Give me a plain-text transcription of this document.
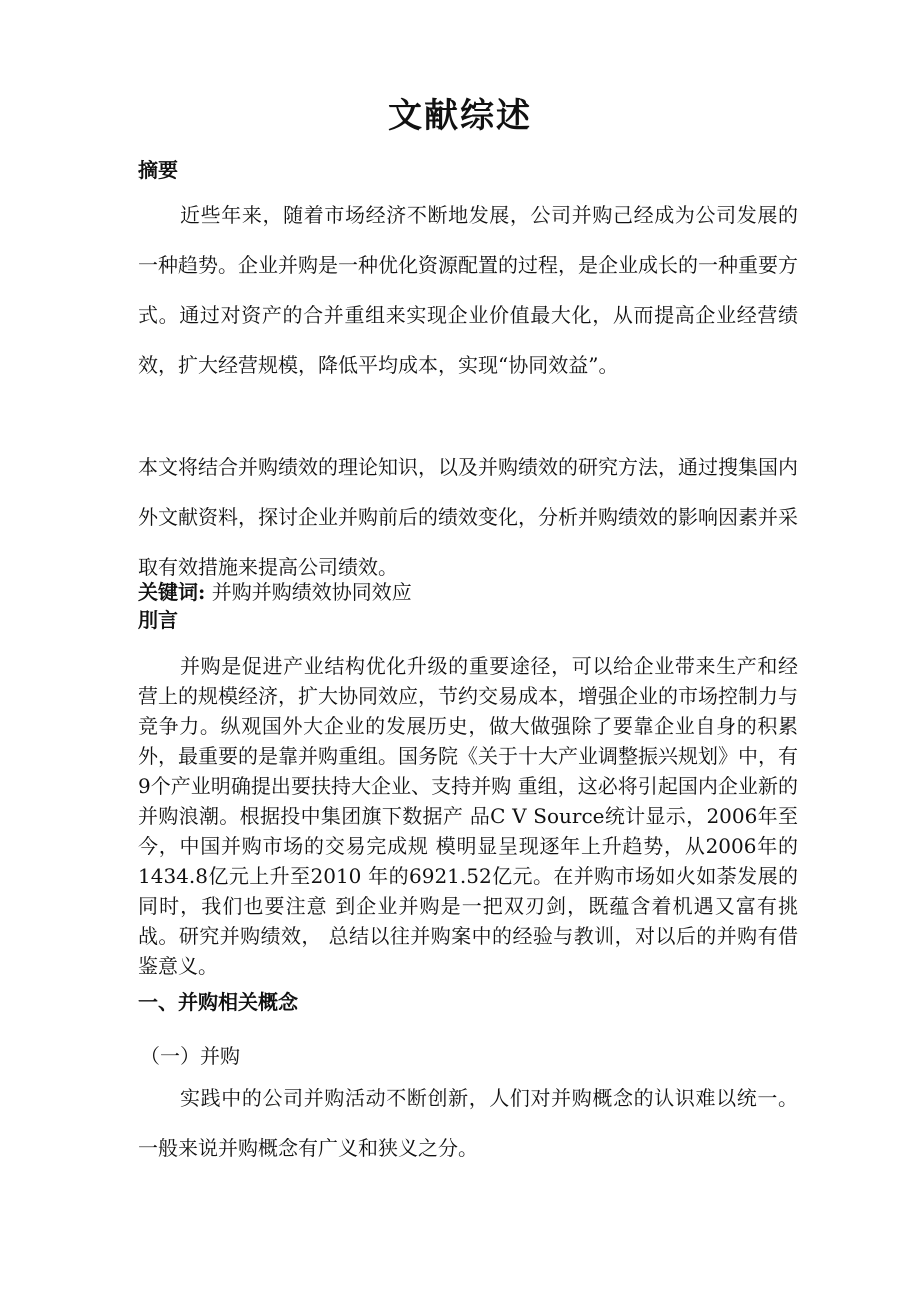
文献综述
摘要

近些年来，随着市场经济不断地发展，公司并购己经成为公司发展的一种趋势。企业并购是一种优化资源配置的过程，是企业成长的一种重要方式。通过对资产的合并重组来实现企业价值最大化，从而提高企业经营绩效，扩大经营规模，降低平均成本，实现“协同效益”。

本文将结合并购绩效的理论知识，以及并购绩效的研究方法，通过搜集国内外文献资料，探讨企业并购前后的绩效变化，分析并购绩效的影响因素并采取有效措施来提高公司绩效。

关键词: 并购并购绩效协同效应

刖言

并购是促进产业结构优化升级的重要途径，可以给企业带来生产和经营上的规模经济，扩大协同效应，节约交易成本，增强企业的市场控制力与竞争力。纵观国外大企业的发展历史，做大做强除了要靠企业自身的积累外，最重要的是靠并购重组。国务院《关于十大产业调整振兴规划》中，有9个产业明确提出要扶持大企业、支持并购 重组，这必将引起国内企业新的并购浪潮。根据投中集团旗下数据产 品C V Source统计显示，2006年至今，中国并购市场的交易完成规 模明显呈现逐年上升趋势，从2006年的1434.8亿元上升至2010 年的6921.52亿元。在并购市场如火如荼发展的同时，我们也要注意 到企业并购是一把双刃剑，既蕴含着机遇又富有挑战。研究并购绩效， 总结以往并购案中的经验与教训，对以后的并购有借鉴意义。

一、并购相关概念

（一）并购

实践中的公司并购活动不断创新，人们对并购概念的认识难以统一。一般来说并购概念有广义和狭义之分。
